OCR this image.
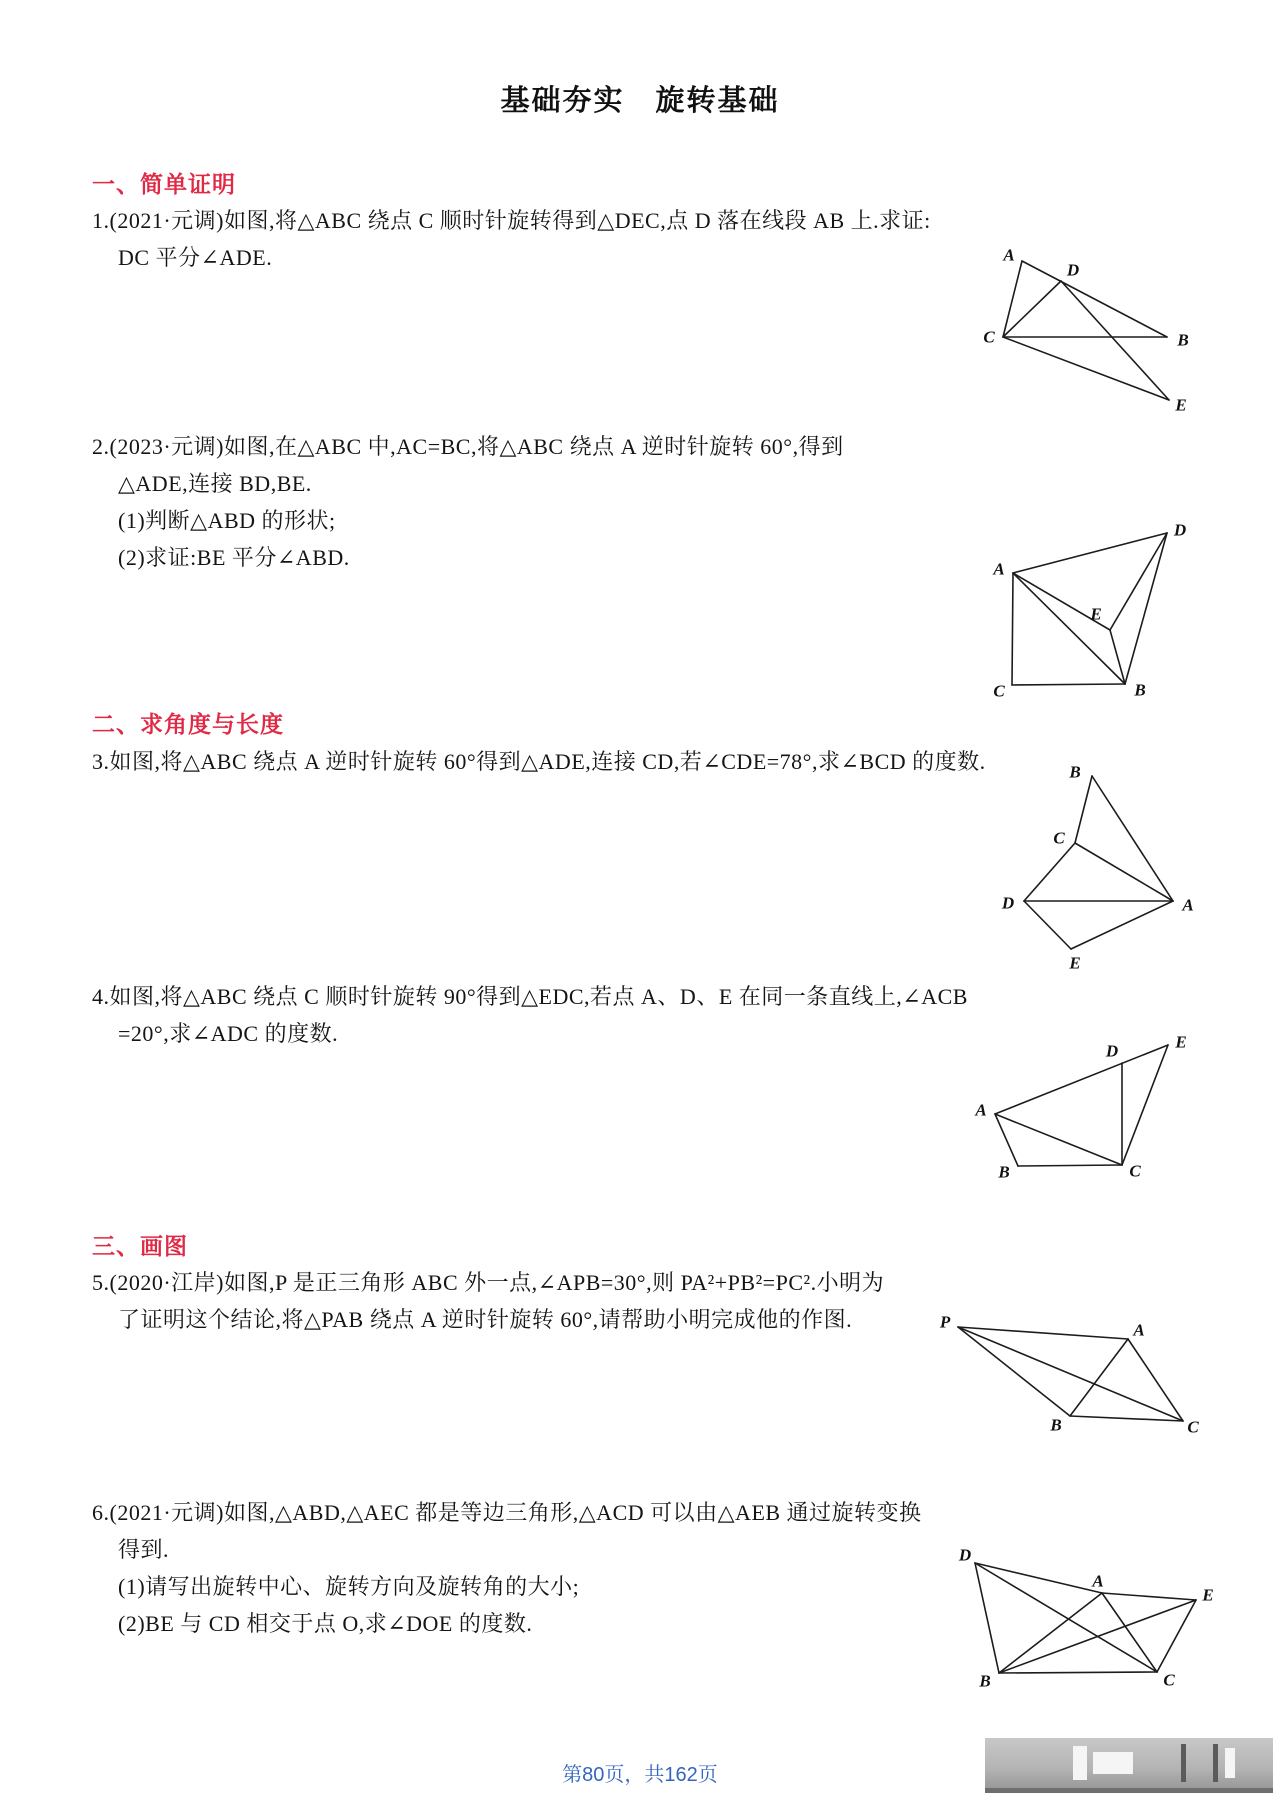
基础夯实　旋转基础
一、简单证明
1.(2021·元调)如图,将△ABC 绕点 C 顺时针旋转得到△DEC,点 D 落在线段 AB 上.求证:
DC 平分∠ADE.	A
D
B
C
E
2.(2023·元调)如图,在△ABC 中,AC=BC,将△ABC 绕点 A 逆时针旋转 60°,得到
△ADE,连接 BD,BE.
(1)判断△ABD 的形状;
(2)求证:BE 平分∠ABD.	A
D
E
C	B
二、求角度与长度
3.如图,将△ABC 绕点 A 逆时针旋转 60°得到△ADE,连接 CD,若∠CDE=78°,求∠BCD 的度数.	B
C
D	A
E
4.如图,将△ABC 绕点 C 顺时针旋转 90°得到△EDC,若点 A、D、E 在同一条直线上,∠ACB
=20°,求∠ADC 的度数.
A
B	C
D	E
三、画图
5.(2020·江岸)如图,P 是正三角形 ABC 外一点,∠APB=30°,则 PA²+PB²=PC².小明为
了证明这个结论,将△PAB 绕点 A 逆时针旋转 60°,请帮助小明完成他的作图.	P	A
B	C
6.(2021·元调)如图,△ABD,△AEC 都是等边三角形,△ACD 可以由△AEB 通过旋转变换
得到.
(1)请写出旋转中心、旋转方向及旋转角的大小;
(2)BE 与 CD 相交于点 O,求∠DOE 的度数.
D
A
E
B	C
第80页，共162页
